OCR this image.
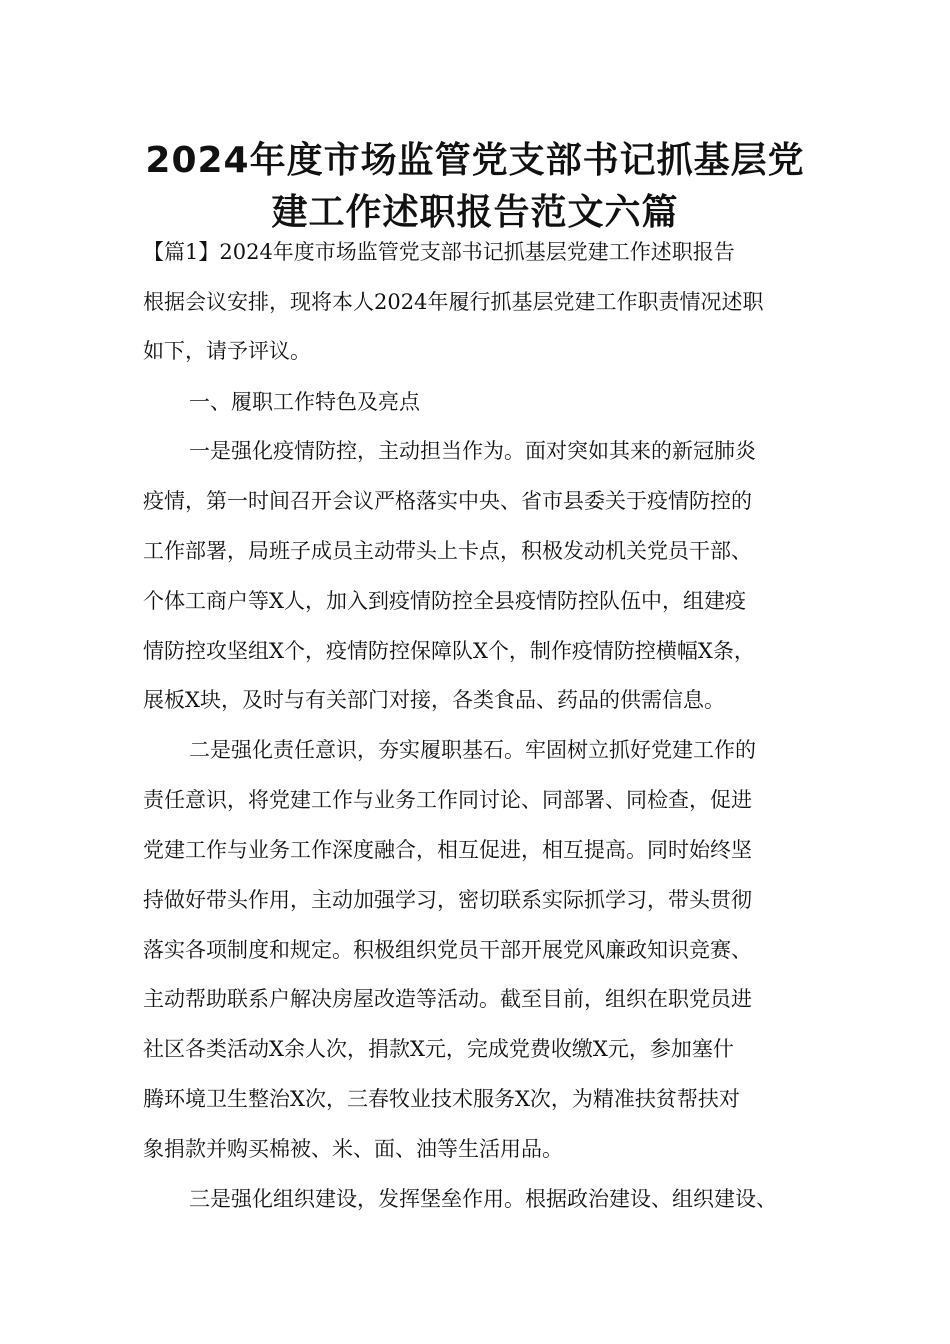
2024年度市场监管党支部书记抓基层党
建工作述职报告范文六篇
【篇1】2024年度市场监管党支部书记抓基层党建工作述职报告
根据会议安排，现将本人2024年履行抓基层党建工作职责情况述职
如下，请予评议。
一、履职工作特色及亮点
一是强化疫情防控，主动担当作为。面对突如其来的新冠肺炎
疫情，第一时间召开会议严格落实中央、省市县委关于疫情防控的
工作部署，局班子成员主动带头上卡点，积极发动机关党员干部、
个体工商户等X人，加入到疫情防控全县疫情防控队伍中，组建疫
情防控攻坚组X个，疫情防控保障队X个，制作疫情防控横幅X条，
展板X块，及时与有关部门对接，各类食品、药品的供需信息。
二是强化责任意识，夯实履职基石。牢固树立抓好党建工作的
责任意识，将党建工作与业务工作同讨论、同部署、同检查，促进
党建工作与业务工作深度融合，相互促进，相互提高。同时始终坚
持做好带头作用，主动加强学习，密切联系实际抓学习，带头贯彻
落实各项制度和规定。积极组织党员干部开展党风廉政知识竞赛、
主动帮助联系户解决房屋改造等活动。截至目前，组织在职党员进
社区各类活动X余人次，捐款X元，完成党费收缴X元，参加塞什
腾环境卫生整治X次，三春牧业技术服务X次，为精准扶贫帮扶对
象捐款并购买棉被、米、面、油等生活用品。
三是强化组织建设，发挥堡垒作用。根据政治建设、组织建设、
